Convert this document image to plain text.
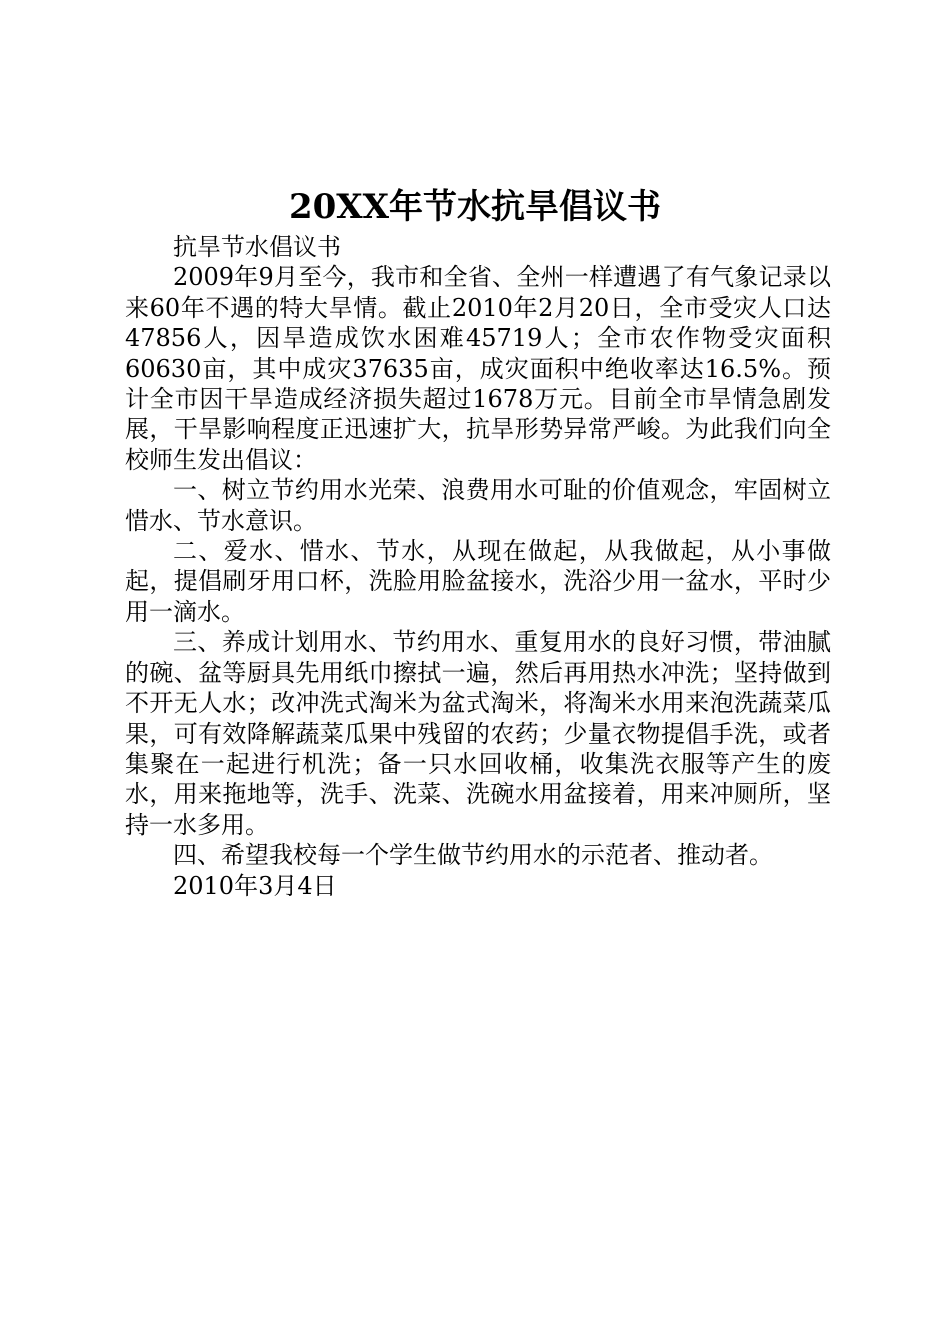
20XX年节水抗旱倡议书

抗旱节水倡议书

2009年9月至今，我市和全省、全州一样遭遇了有气象记录以来60年不遇的特大旱情。截止2010年2月20日，全市受灾人口达47856人，因旱造成饮水困难45719人；全市农作物受灾面积60630亩，其中成灾37635亩，成灾面积中绝收率达16.5%。预计全市因干旱造成经济损失超过1678万元。目前全市旱情急剧发展，干旱影响程度正迅速扩大，抗旱形势异常严峻。为此我们向全校师生发出倡议：

一、树立节约用水光荣、浪费用水可耻的价值观念，牢固树立惜水、节水意识。

二、爱水、惜水、节水，从现在做起，从我做起，从小事做起，提倡刷牙用口杯，洗脸用脸盆接水，洗浴少用一盆水，平时少用一滴水。

三、养成计划用水、节约用水、重复用水的良好习惯，带油腻的碗、盆等厨具先用纸巾擦拭一遍，然后再用热水冲洗；坚持做到不开无人水；改冲洗式淘米为盆式淘米，将淘米水用来泡洗蔬菜瓜果，可有效降解蔬菜瓜果中残留的农药；少量衣物提倡手洗，或者集聚在一起进行机洗；备一只水回收桶，收集洗衣服等产生的废水，用来拖地等，洗手、洗菜、洗碗水用盆接着，用来冲厕所，坚持一水多用。

四、希望我校每一个学生做节约用水的示范者、推动者。

2010年3月4日
